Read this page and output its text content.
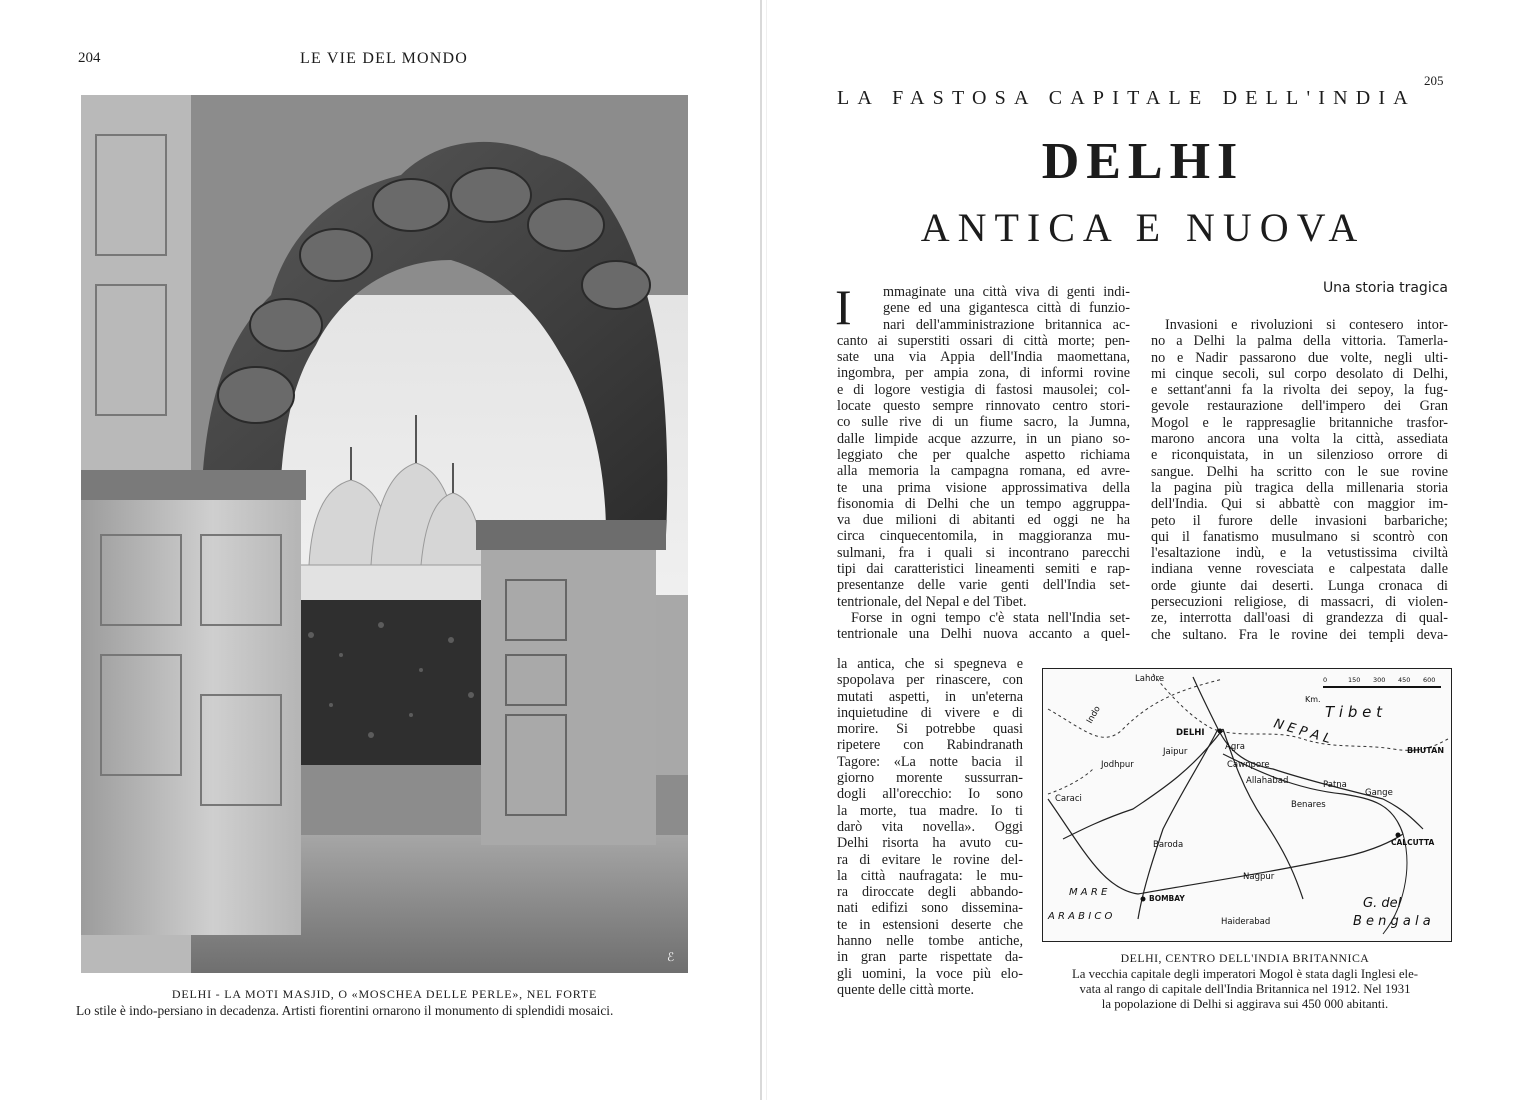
204	LE VIE DEL MONDO
ℰ
DELHI - LA MOTI MASJID, O «MOSCHEA DELLE PERLE», NEL FORTE
Lo stile è indo-persiano in decadenza. Artisti fiorentini ornarono il monumento di splendidi mosaici.
205
LA FASTOSA CAPITALE DELL'INDIA
DELHI
ANTICA E NUOVA
I	mmaginate una città viva di genti indi-
gene ed una gigantesca città di funzio-
nari dell'amministrazione britannica ac-
canto ai superstiti ossari di città morte; pen-
sate una via Appia dell'India maomettana,
ingombra, per ampia zona, di informi rovine
e di logore vestigia di fastosi mausolei; col-
locate questo sempre rinnovato centro stori-
co sulle rive di un fiume sacro, la Jumna,
dalle limpide acque azzurre, in un piano so-
leggiato che per qualche aspetto richiama
alla memoria la campagna romana, ed avre-
te una prima visione approssimativa della
fisonomia di Delhi che un tempo aggruppa-
va due milioni di abitanti ed oggi ne ha
circa cinquecentomila, in maggioranza mu-
sulmani, fra i quali si incontrano parecchi
tipi dai caratteristici lineamenti semiti e rap-
presentanze delle varie genti dell'India set-
tentrionale, del Nepal e del Tibet.
Forse in ogni tempo c'è stata nell'India set-
tentrionale una Delhi nuova accanto a quel-
la antica, che si spegneva e
spopolava per rinascere, con
mutati aspetti, in un'eterna
inquietudine di vivere e di
morire. Si potrebbe quasi
ripetere con Rabindranath
Tagore: «La notte bacia il
giorno morente sussurran-
dogli all'orecchio: Io sono
la morte, tua madre. Io ti
darò vita novella». Oggi
Delhi risorta ha avuto cu-
ra di evitare le rovine del-
la città naufragata: le mu-
ra diroccate degli abbando-
nati edifizi sono dissemina-
te in estensioni deserte che
hanno nelle tombe antiche,
in gran parte rispettate da-
gli uomini, la voce più elo-
quente delle città morte.
Una storia tragica
Invasioni e rivoluzioni si contesero intor-
no a Delhi la palma della vittoria. Tamerla-
no e Nadir passarono due volte, negli ulti-
mi cinque secoli, sul corpo desolato di Delhi,
e settant'anni fa la rivolta dei sepoy, la fug-
gevole restaurazione dell'impero dei Gran
Mogol e le rappresaglie britanniche trasfor-
marono ancora una volta la città, assediata
e riconquistata, in un silenzioso orrore di
sangue. Delhi ha scritto con le sue rovine
la pagina più tragica della millenaria storia
dell'India. Qui si abbattè con maggior im-
peto il furore delle invasioni barbariche;
qui il fanatismo musulmano si scontrò con
l'esaltazione indù, e la vetustissima civiltà
indiana venne rovesciata e calpestata dalle
orde giunte dai deserti. Lunga cronaca di
persecuzioni religiose, di massacri, di violen-
ze, interrotta dall'oasi di grandezza di qual-
che sultano. Fra le rovine dei templi deva-
Lahore
Indo
DELHI
Jaipur	Agra
Jodhpur	Cawnpore
Allahabad
Benares
Patna
Gange
Caraci
Baroda	CALCUTTA
Nagpur
BOMBAY
Haiderabad
BHUTAN
Km.
N E P A L
T i b e t
M A R E
A R A B I C O
G. del
B e n g a l a
0	150 300 450 600
DELHI, CENTRO DELL'INDIA BRITANNICA
La vecchia capitale degli imperatori Mogol è stata dagli Inglesi ele-
vata al rango di capitale dell'India Britannica nel 1912. Nel 1931
la popolazione di Delhi si aggirava sui 450 000 abitanti.
